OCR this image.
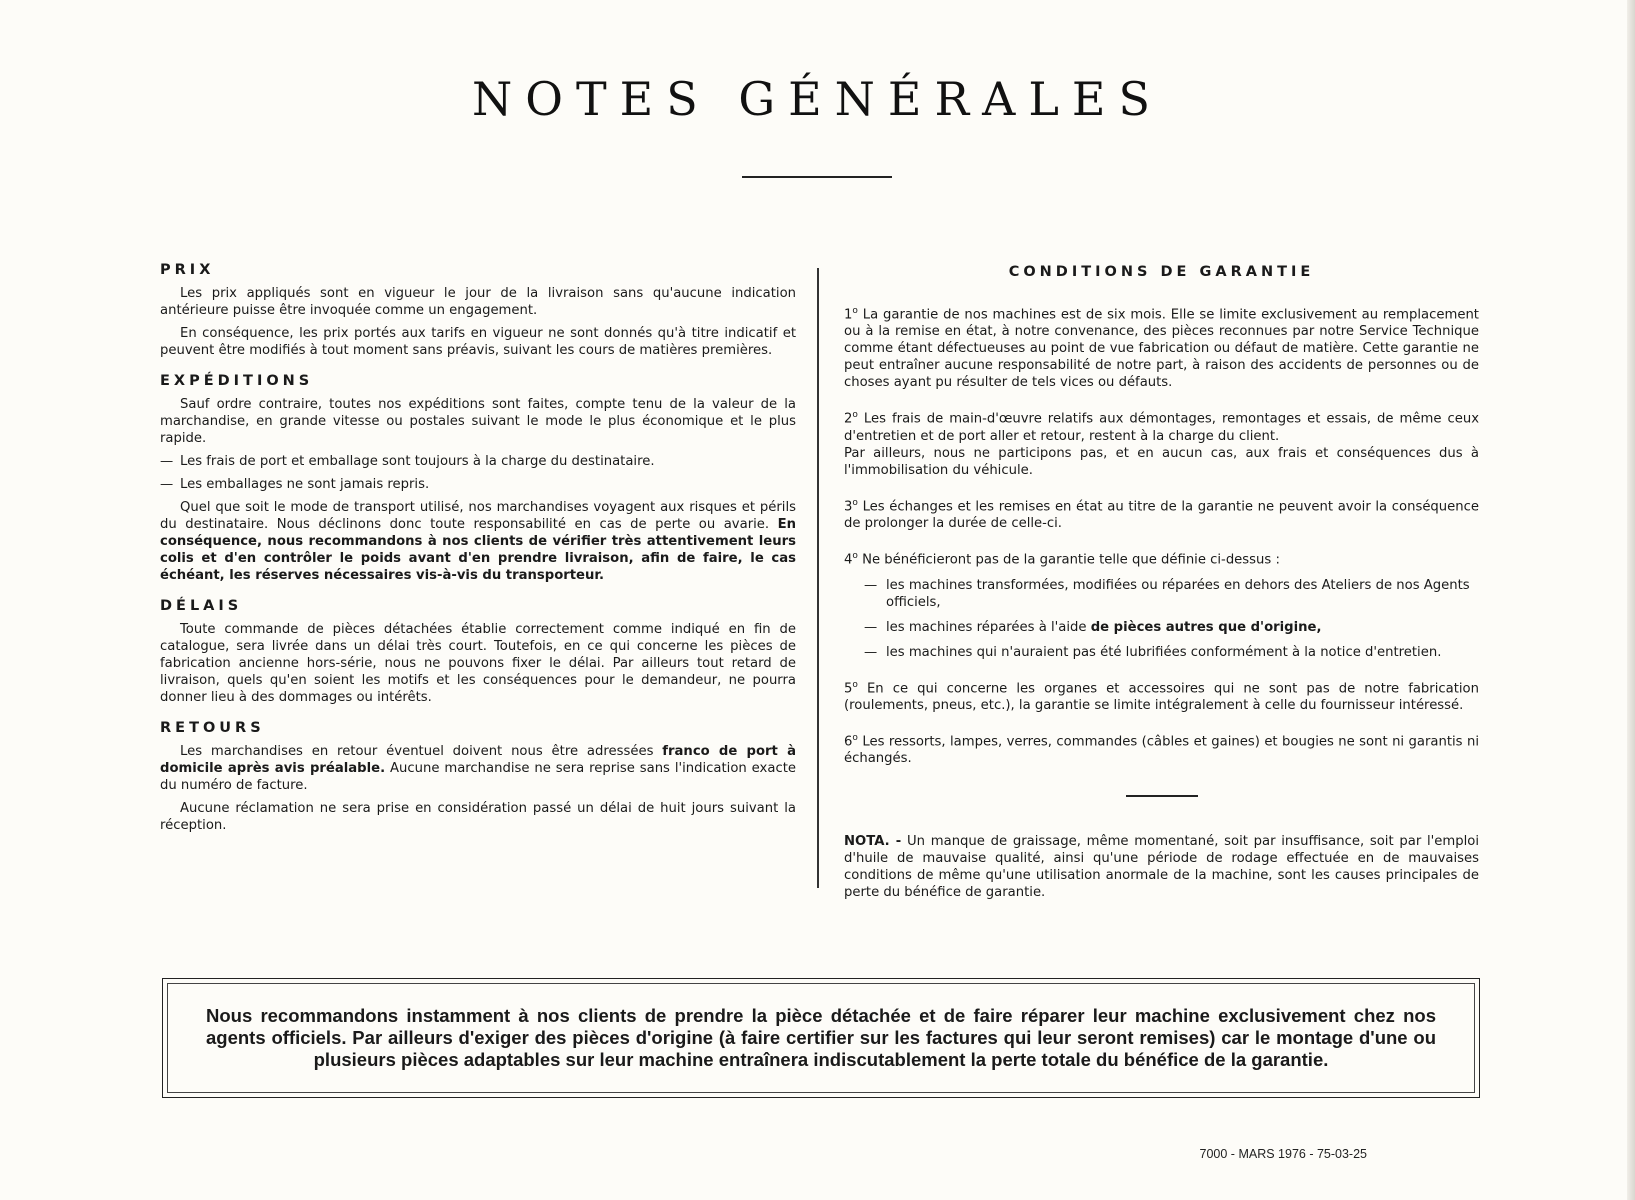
NOTES GÉNÉRALES
PRIX

Les prix appliqués sont en vigueur le jour de la livraison sans qu'aucune indication antérieure puisse être invoquée comme un engagement.

En conséquence, les prix portés aux tarifs en vigueur ne sont donnés qu'à titre indicatif et peuvent être modifiés à tout moment sans préavis, suivant les cours de matières premières.

EXPÉDITIONS

Sauf ordre contraire, toutes nos expéditions sont faites, compte tenu de la valeur de la marchandise, en grande vitesse ou postales suivant le mode le plus économique et le plus rapide.

— Les frais de port et emballage sont toujours à la charge du destinataire.
— Les emballages ne sont jamais repris.

Quel que soit le mode de transport utilisé, nos marchandises voyagent aux risques et périls du destinataire. Nous déclinons donc toute responsabilité en cas de perte ou avarie. En conséquence, nous recommandons à nos clients de vérifier très attentivement leurs colis et d'en contrôler le poids avant d'en prendre livraison, afin de faire, le cas échéant, les réserves nécessaires vis-à-vis du transporteur.

DÉLAIS

Toute commande de pièces détachées établie correctement comme indiqué en fin de catalogue, sera livrée dans un délai très court. Toutefois, en ce qui concerne les pièces de fabrication ancienne hors-série, nous ne pouvons fixer le délai. Par ailleurs tout retard de livraison, quels qu'en soient les motifs et les conséquences pour le demandeur, ne pourra donner lieu à des dommages ou intérêts.

RETOURS

Les marchandises en retour éventuel doivent nous être adressées franco de port à domicile après avis préalable. Aucune marchandise ne sera reprise sans l'indication exacte du numéro de facture.

Aucune réclamation ne sera prise en considération passé un délai de huit jours suivant la réception.

CONDITIONS DE GARANTIE

1$^o$ La garantie de nos machines est de six mois. Elle se limite exclusivement au remplacement ou à la remise en état, à notre convenance, des pièces reconnues par notre Service Technique comme étant défectueuses au point de vue fabrication ou défaut de matière. Cette garantie ne peut entraîner aucune responsabilité de notre part, à raison des accidents de personnes ou de choses ayant pu résulter de tels vices ou défauts.

2$^o$ Les frais de main-d'œuvre relatifs aux démontages, remontages et essais, de même ceux d'entretien et de port aller et retour, restent à la charge du client.
Par ailleurs, nous ne participons pas, et en aucun cas, aux frais et conséquences dus à l'immobilisation du véhicule.

3$^o$ Les échanges et les remises en état au titre de la garantie ne peuvent avoir la conséquence de prolonger la durée de celle-ci.

4$^o$ Ne bénéficieront pas de la garantie telle que définie ci-dessus :

— les machines transformées, modifiées ou réparées en dehors des Ateliers de nos Agents officiels,
— les machines réparées à l'aide de pièces autres que d'origine,
— les machines qui n'auraient pas été lubrifiées conformément à la notice d'entretien.

5$^o$ En ce qui concerne les organes et accessoires qui ne sont pas de notre fabrication (roulements, pneus, etc.), la garantie se limite intégralement à celle du fournisseur intéressé.

6$^o$ Les ressorts, lampes, verres, commandes (câbles et gaines) et bougies ne sont ni garantis ni échangés.

NOTA. - Un manque de graissage, même momentané, soit par insuffisance, soit par l'emploi d'huile de mauvaise qualité, ainsi qu'une période de rodage effectuée en de mauvaises conditions de même qu'une utilisation anormale de la machine, sont les causes principales de perte du bénéfice de garantie.

Nous recommandons instamment à nos clients de prendre la pièce détachée et de faire réparer leur machine exclusivement chez nos agents officiels. Par ailleurs d'exiger des pièces d'origine (à faire certifier sur les factures qui leur seront remises) car le montage d'une ou plusieurs pièces adaptables sur leur machine entraînera indiscutablement la perte totale du bénéfice de la garantie.
7000 - MARS 1976 - 75-03-25
